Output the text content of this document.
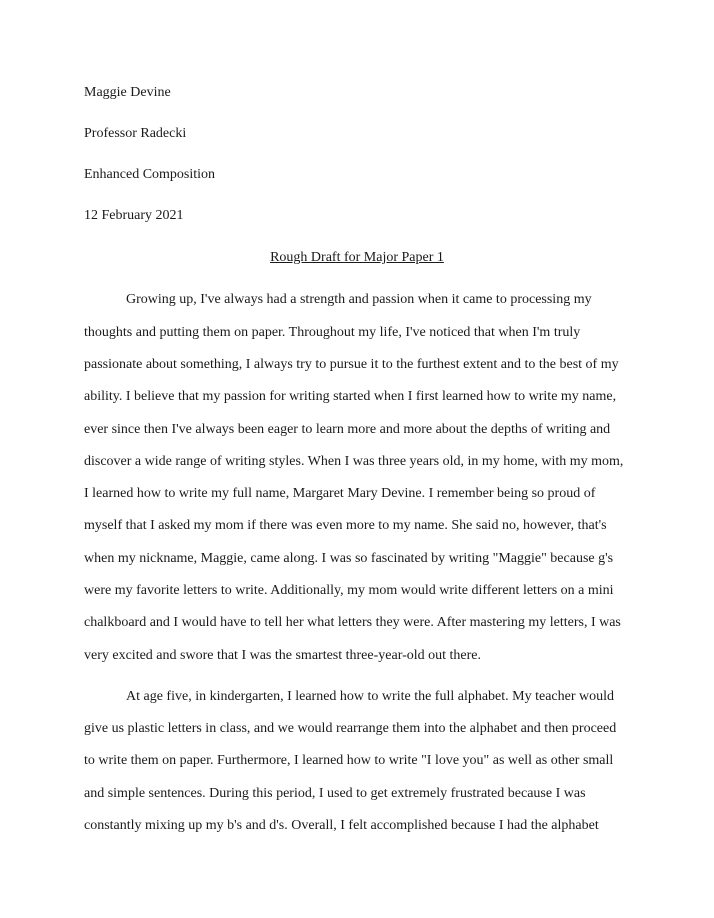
Maggie Devine
Professor Radecki
Enhanced Composition
12 February 2021
Rough Draft for Major Paper 1
Growing up, I've always had a strength and passion when it came to processing my
thoughts and putting them on paper. Throughout my life, I've noticed that when I'm truly
passionate about something, I always try to pursue it to the furthest extent and to the best of my
ability. I believe that my passion for writing started when I first learned how to write my name,
ever since then I've always been eager to learn more and more about the depths of writing and
discover a wide range of writing styles. When I was three years old, in my home, with my mom,
I learned how to write my full name, Margaret Mary Devine. I remember being so proud of
myself that I asked my mom if there was even more to my name. She said no, however, that's
when my nickname, Maggie, came along. I was so fascinated by writing "Maggie" because g's
were my favorite letters to write. Additionally, my mom would write different letters on a mini
chalkboard and I would have to tell her what letters they were. After mastering my letters, I was
very excited and swore that I was the smartest three-year-old out there.
At age five, in kindergarten, I learned how to write the full alphabet. My teacher would
give us plastic letters in class, and we would rearrange them into the alphabet and then proceed
to write them on paper. Furthermore, I learned how to write "I love you" as well as other small
and simple sentences. During this period, I used to get extremely frustrated because I was
constantly mixing up my b's and d's. Overall, I felt accomplished because I had the alphabet
